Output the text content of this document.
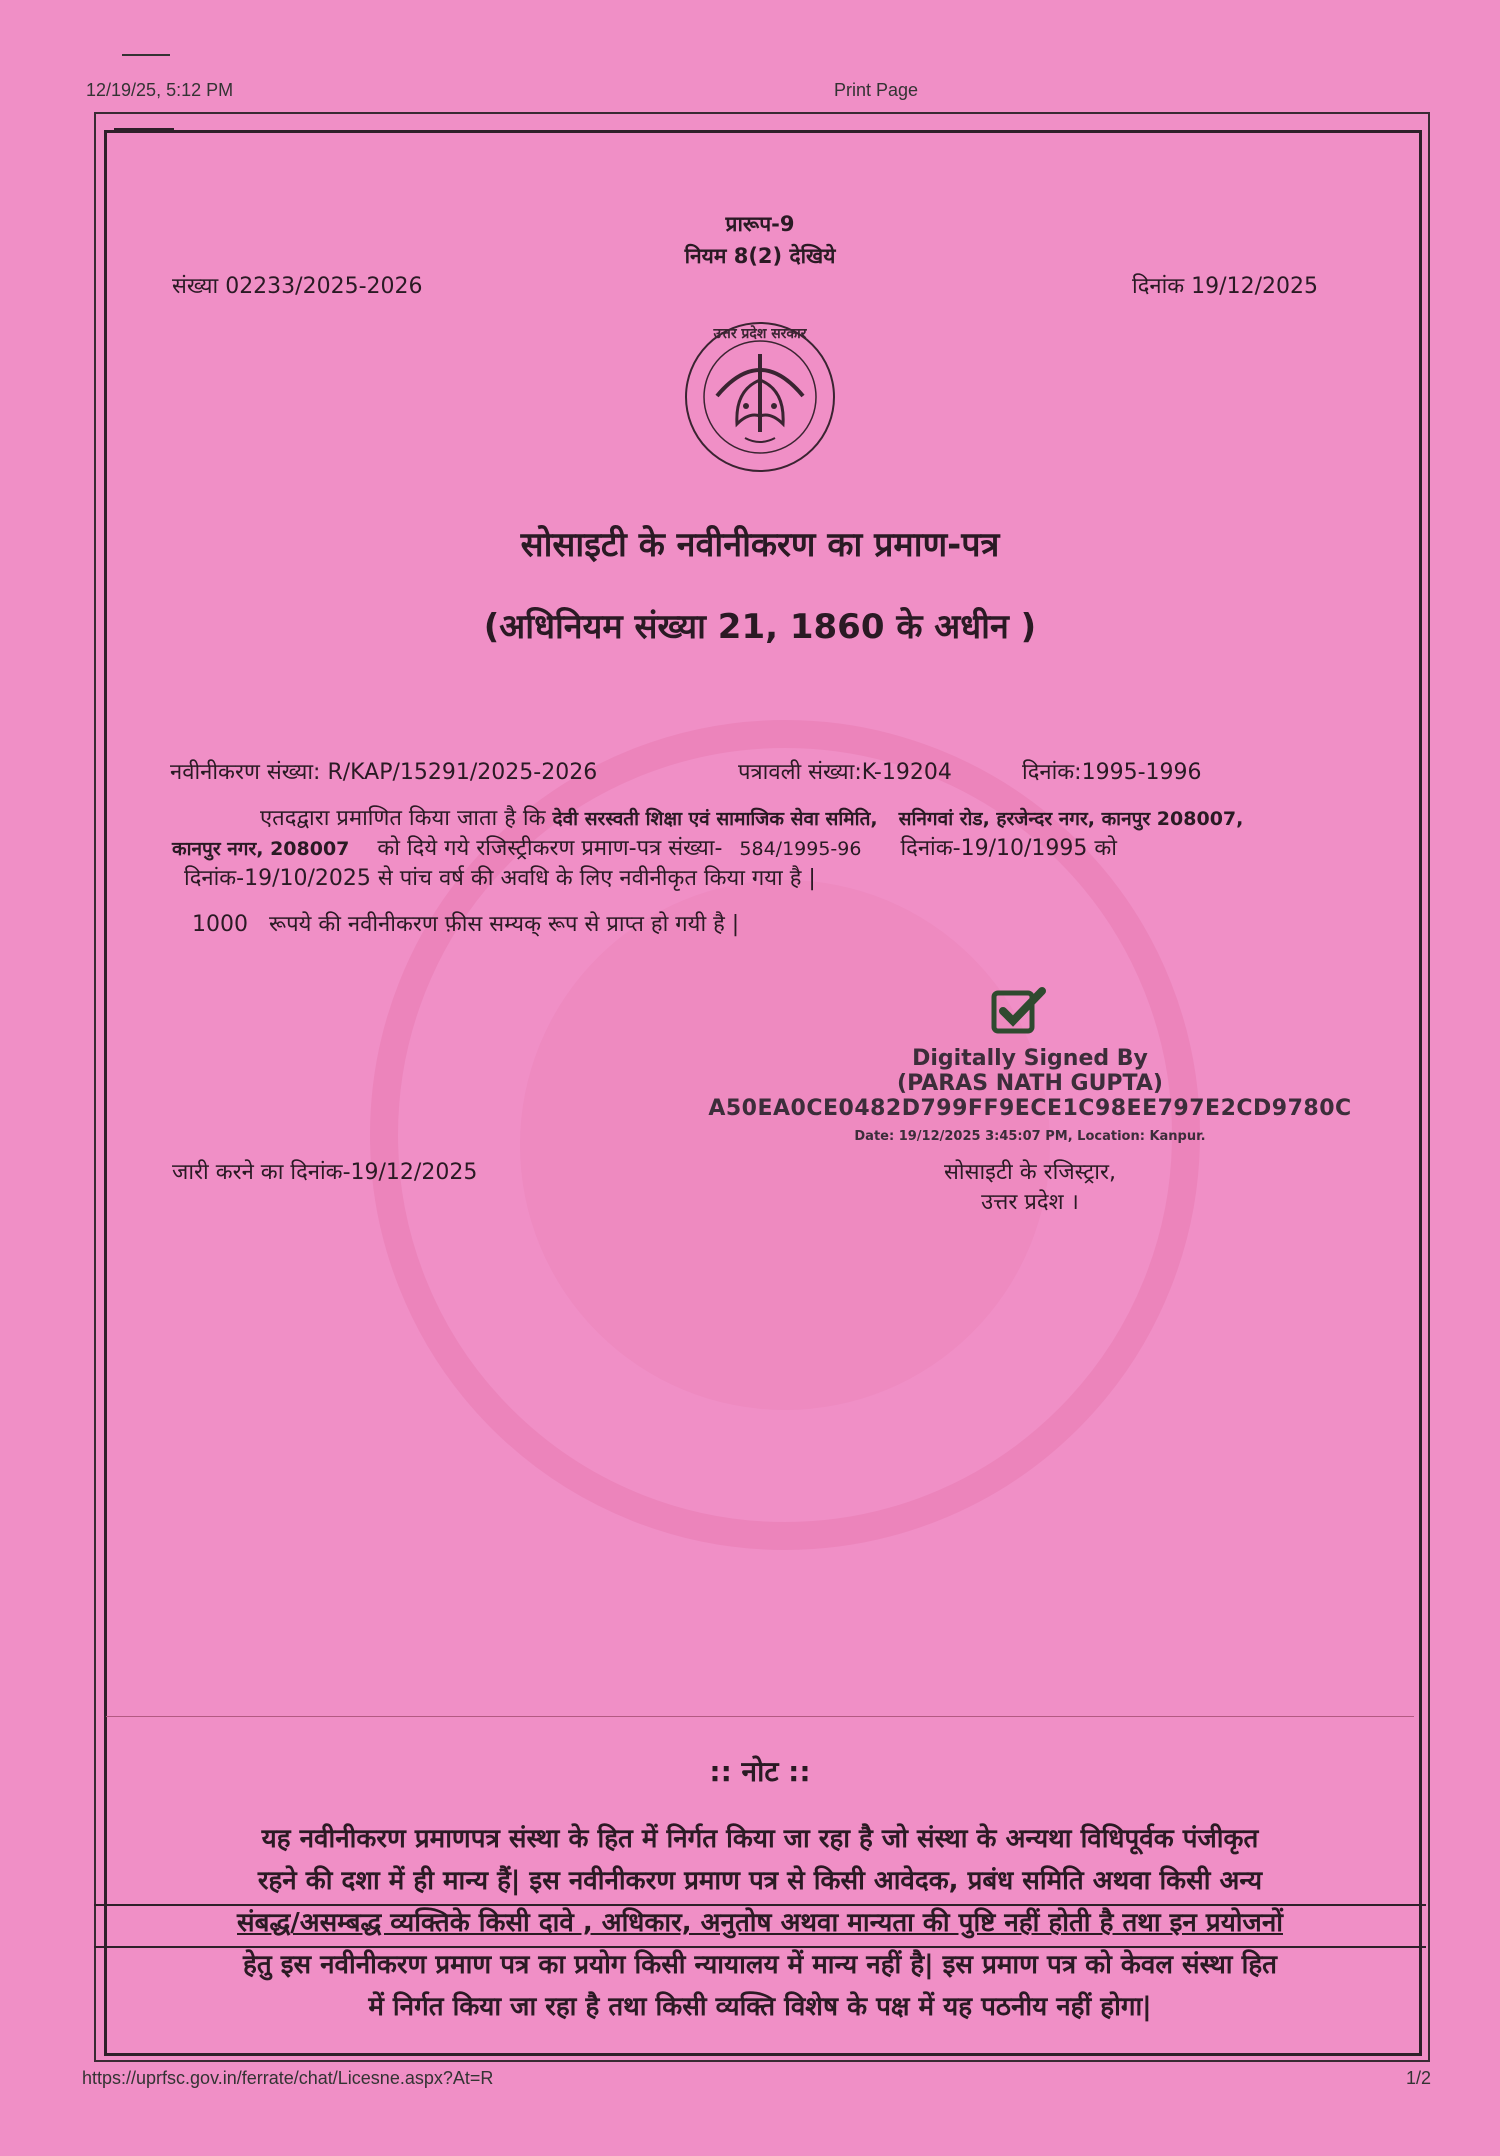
12/19/25, 5:12 PM	Print Page
प्रारूप-9
नियम 8(2) देखिये
संख्या 02233/2025-2026	दिनांक 19/12/2025
उत्तर प्रदेश सरकार
सोसाइटी के नवीनीकरण का प्रमाण-पत्र
(अधिनियम संख्या 21, 1860 के अधीन )
नवीनीकरण संख्या: R/KAP/15291/2025-2026	पत्रावली संख्या:K-19204	दिनांक:1995-1996
एतदद्वारा प्रमाणित किया जाता है कि देवी सरस्वती शिक्षा एवं सामाजिक सेवा समिति, सनिगवां रोड, हरजेन्दर नगर, कानपुर 208007,
कानपुर नगर, 208007 को दिये गये रजिस्ट्रीकरण प्रमाण-पत्र संख्या- 584/1995-96 दिनांक-19/10/1995 को
दिनांक-19/10/2025 से पांच वर्ष की अवधि के लिए नवीनीकृत किया गया है |
1000 रूपये की नवीनीकरण फ़ीस सम्यक् रूप से प्राप्त हो गयी है |
Digitally Signed By
(PARAS NATH GUPTA)
A50EA0CE0482D799FF9ECE1C98EE797E2CD9780C
Date: 19/12/2025 3:45:07 PM, Location: Kanpur.
सोसाइटी के रजिस्ट्रार,
उत्तर प्रदेश ।
जारी करने का दिनांक-19/12/2025
:: नोट ::
यह नवीनीकरण प्रमाणपत्र संस्था के हित में निर्गत किया जा रहा है जो संस्था के अन्यथा विधिपूर्वक पंजीकृत
रहने की दशा में ही मान्य हैं| इस नवीनीकरण प्रमाण पत्र से किसी आवेदक, प्रबंध समिति अथवा किसी अन्य
संबद्ध/असम्बद्ध व्यक्तिके किसी दावे , अधिकार, अनुतोष अथवा मान्यता की पुष्टि नहीं होती है तथा इन प्रयोजनों
हेतु इस नवीनीकरण प्रमाण पत्र का प्रयोग किसी न्यायालय में मान्य नहीं है| इस प्रमाण पत्र को केवल संस्था हित
में निर्गत किया जा रहा है तथा किसी व्यक्ति विशेष के पक्ष में यह पठनीय नहीं होगा|
https://uprfsc.gov.in/ferrate/chat/Licesne.aspx?At=R	1/2
